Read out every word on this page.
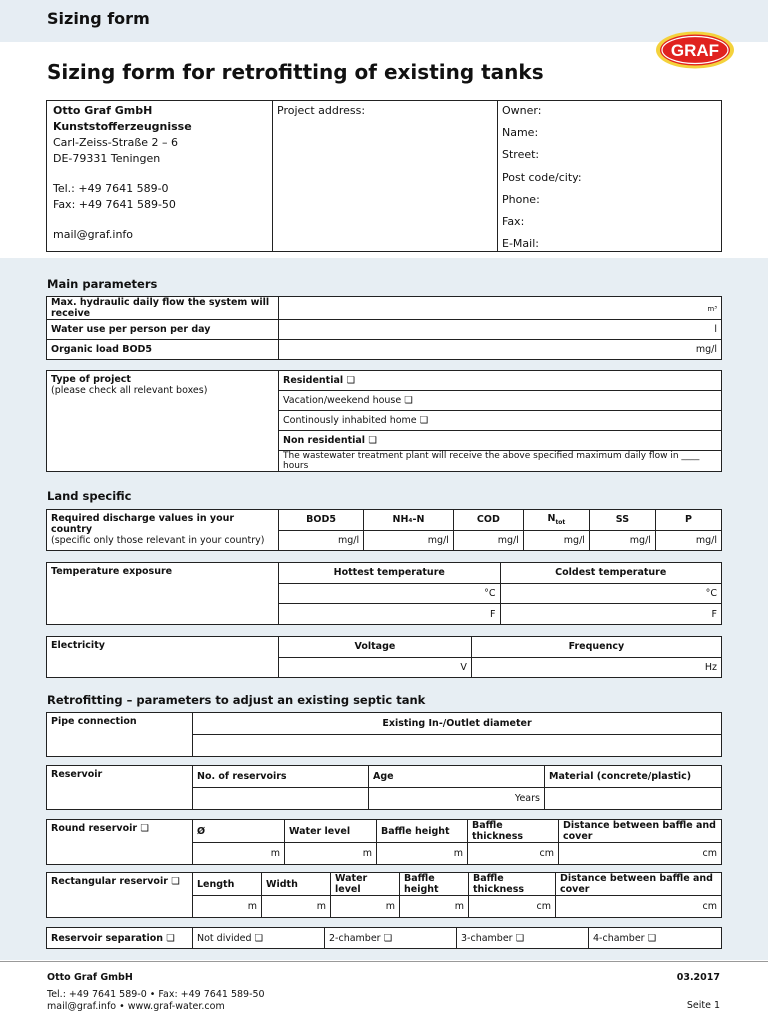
Sizing form
GRAF
Sizing form for retrofitting of existing tanks
Otto Graf GmbH
Kunststofferzeugnisse
Carl-Zeiss-Straße 2 – 6
DE-79331 Teningen
Tel.: +49 7641 589-0
Fax: +49 7641 589-50
mail@graf.info
Project address:	Owner:
Name:
Street:
Post code/city:
Phone:
Fax:
E-Mail:
Main parameters
Max. hydraulic daily flow the system will receive	m³
Water use per person per day	l
Organic load BOD5	mg/l
Type of project
(please check all relevant boxes)
	Residential ❏
Vacation/weekend house ❏
Continously inhabited home ❏
Non residential ❏
The wastewater treatment plant will receive the above specified maximum daily flow in ____ hours
Land specific
Required discharge values in your country
(specific only those relevant in your country)	BOD5	NH₄-N	COD	$N_{tot}$	SS	P
	mg/l	mg/l	mg/l	mg/l	mg/l	mg/l
Temperature exposure	Hottest temperature	Coldest temperature
	°C	°C
	F	F
Electricity	Voltage	Frequency
	V	Hz
Retrofitting – parameters to adjust an existing septic tank
Pipe connection	Existing In-/Outlet diameter

Reservoir	No. of reservoirs	Age	Material (concrete/plastic)
		Years	
Round reservoir ❏	Ø	Water level	Baffle height	Baffle thickness	Distance between baffle and cover
	m	m	m	cm	cm
Rectangular reservoir ❏	Length	Width	Water level	Baffle height	Baffle thickness	Distance between baffle and cover
	m	m	m	m	cm	cm
Reservoir separation ❏	Not divided ❏	2-chamber ❏	3-chamber ❏	4-chamber ❏
Otto Graf GmbH
Tel.: +49 7641 589-0 • Fax: +49 7641 589-50
mail@graf.info • www.graf-water.com
03.2017
Seite 1
